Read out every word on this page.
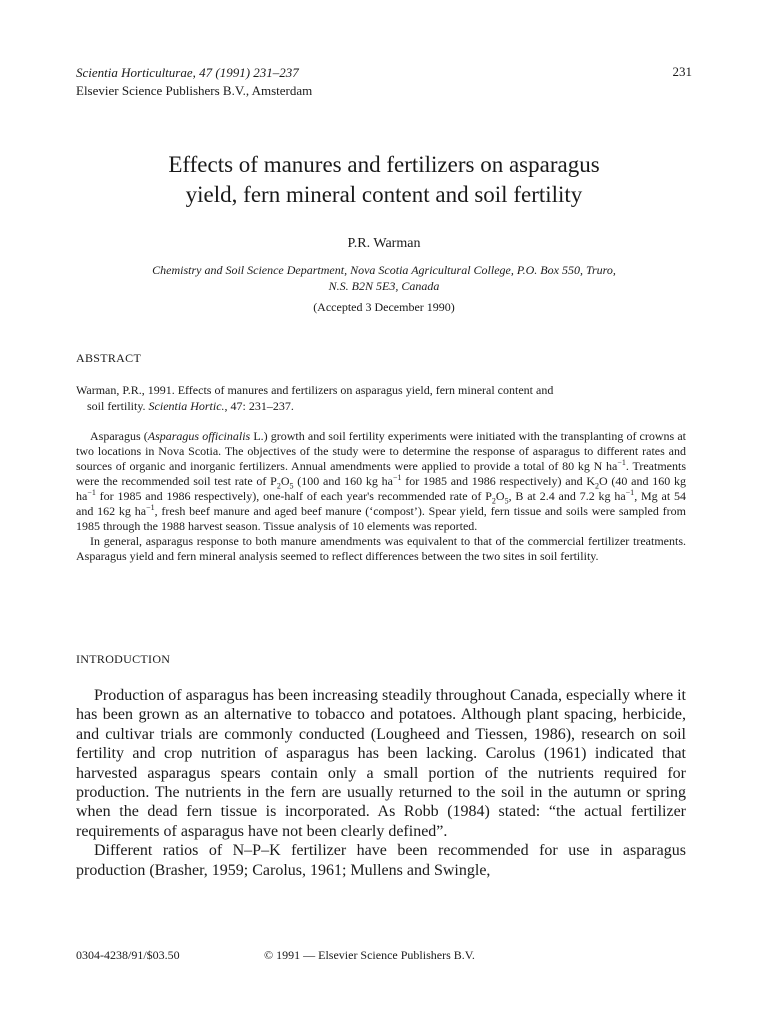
Scientia Horticulturae, 47 (1991) 231–237
Elsevier Science Publishers B.V., Amsterdam
231
Effects of manures and fertilizers on asparagus
yield, fern mineral content and soil fertility
P.R. Warman
Chemistry and Soil Science Department, Nova Scotia Agricultural College, P.O. Box 550, Truro,
N.S. B2N 5E3, Canada
(Accepted 3 December 1990)
ABSTRACT
Warman, P.R., 1991. Effects of manures and fertilizers on asparagus yield, fern mineral content and
soil fertility. Scientia Hortic., 47: 231–237.

Asparagus (Asparagus officinalis L.) growth and soil fertility experiments were initiated with the transplanting of crowns at two locations in Nova Scotia. The objectives of the study were to determine the response of asparagus to different rates and sources of organic and inorganic fertilizers. Annual amendments were applied to provide a total of 80 kg N $ha^{-1}$. Treatments were the recommended soil test rate of $P_2O_5$ (100 and 160 kg $ha^{-1}$ for 1985 and 1986 respectively) and $K_2O$ (40 and 160 kg $ha^{-1}$ for 1985 and 1986 respectively), one-half of each year's recommended rate of $P_2O_5$, B at 2.4 and 7.2 kg $ha^{-1}$, Mg at 54 and 162 kg $ha^{-1}$, fresh beef manure and aged beef manure (‘compost’). Spear yield, fern tissue and soils were sampled from 1985 through the 1988 harvest season. Tissue analysis of 10 elements was reported.

In general, asparagus response to both manure amendments was equivalent to that of the commercial fertilizer treatments. Asparagus yield and fern mineral analysis seemed to reflect differences between the two sites in soil fertility.

INTRODUCTION

Production of asparagus has been increasing steadily throughout Canada, especially where it has been grown as an alternative to tobacco and potatoes. Although plant spacing, herbicide, and cultivar trials are commonly conducted (Lougheed and Tiessen, 1986), research on soil fertility and crop nutrition of asparagus has been lacking. Carolus (1961) indicated that harvested asparagus spears contain only a small portion of the nutrients required for production. The nutrients in the fern are usually returned to the soil in the autumn or spring when the dead fern tissue is incorporated. As Robb (1984) stated: “the actual fertilizer requirements of asparagus have not been clearly defined”.

Different ratios of N–P–K fertilizer have been recommended for use in asparagus production (Brasher, 1959; Carolus, 1961; Mullens and Swingle,

0304-4238/91/$03.50	© 1991 — Elsevier Science Publishers B.V.
